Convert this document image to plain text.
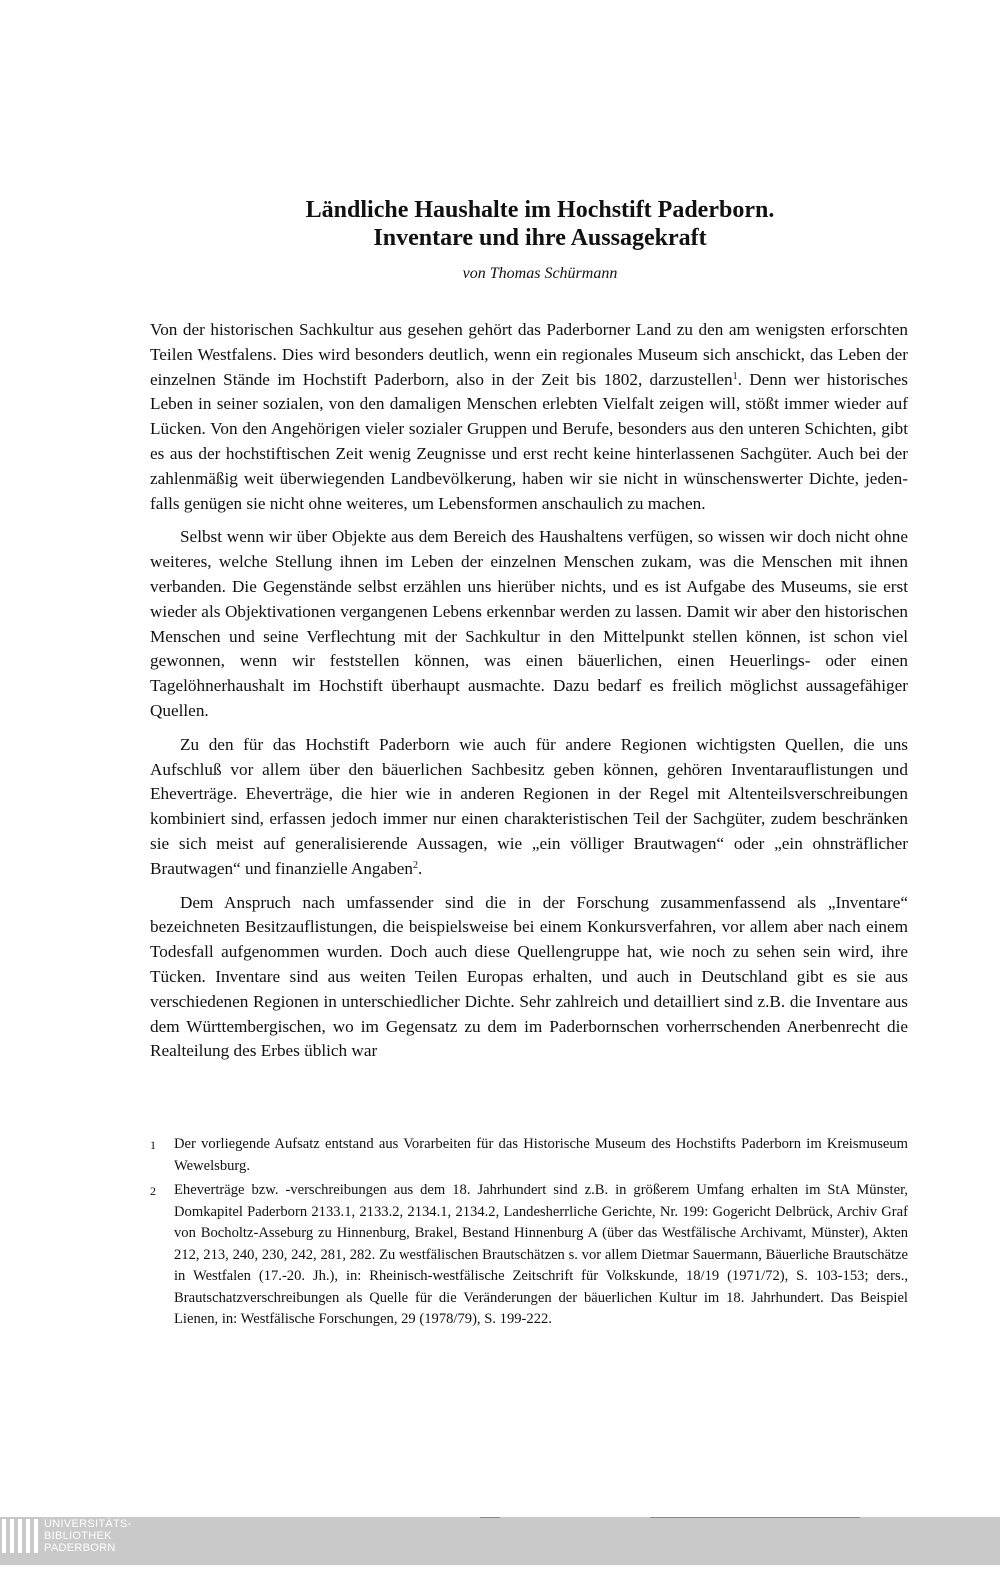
Ländliche Haushalte im Hochstift Paderborn.
Inventare und ihre Aussagekraft

von Thomas Schürmann

Von der historischen Sachkultur aus gesehen gehört das Paderborner Land zu den am wenigsten erforschten Teilen Westfalens. Dies wird besonders deutlich, wenn ein regionales Museum sich anschickt, das Leben der einzelnen Stände im Hochstift Paderborn, also in der Zeit bis 1802, darzustellen$^1$. Denn wer historisches Leben in seiner sozialen, von den damaligen Menschen erlebten Vielfalt zeigen will, stößt immer wieder auf Lücken. Von den Angehörigen vieler sozialer Gruppen und Berufe, besonders aus den unteren Schichten, gibt es aus der hochstiftischen Zeit wenig Zeugnisse und erst recht keine hinterlassenen Sachgüter. Auch bei der zahlenmäßig weit überwiegenden Landbevölkerung, haben wir sie nicht in wünschenswerter Dichte, jedenfalls genügen sie nicht ohne weiteres, um Lebensformen anschaulich zu machen.

Selbst wenn wir über Objekte aus dem Bereich des Haushaltens verfügen, so wissen wir doch nicht ohne weiteres, welche Stellung ihnen im Leben der einzelnen Menschen zukam, was die Menschen mit ihnen verbanden. Die Gegenstände selbst erzählen uns hierüber nichts, und es ist Aufgabe des Museums, sie erst wieder als Objektivationen vergangenen Lebens erkennbar werden zu lassen. Damit wir aber den historischen Menschen und seine Verflechtung mit der Sachkultur in den Mittelpunkt stellen können, ist schon viel gewonnen, wenn wir feststellen können, was einen bäuerlichen, einen Heuerlings- oder einen Tagelöhnerhaushalt im Hochstift überhaupt ausmachte. Dazu bedarf es freilich möglichst aussagefähiger Quellen.

Zu den für das Hochstift Paderborn wie auch für andere Regionen wichtigsten Quellen, die uns Aufschluß vor allem über den bäuerlichen Sachbesitz geben können, gehören Inventarauflistungen und Eheverträge. Eheverträge, die hier wie in anderen Regionen in der Regel mit Altenteilsverschreibungen kombiniert sind, erfassen jedoch immer nur einen charakteristischen Teil der Sachgüter, zudem beschränken sie sich meist auf generalisierende Aussagen, wie „ein völliger Brautwagen“ oder „ein ohnsträflicher Brautwagen“ und finanzielle Angaben$^2$.

Dem Anspruch nach umfassender sind die in der Forschung zusammenfassend als „Inventare“ bezeichneten Besitzauflistungen, die beispielsweise bei einem Konkursverfahren, vor allem aber nach einem Todesfall aufgenommen wurden. Doch auch diese Quellengruppe hat, wie noch zu sehen sein wird, ihre Tücken. Inventare sind aus weiten Teilen Europas erhalten, und auch in Deutschland gibt es sie aus verschiedenen Regionen in unterschiedlicher Dichte. Sehr zahlreich und detailliert sind z.B. die Inventare aus dem Württembergischen, wo im Gegensatz zu dem im Paderbornschen vorherrschenden Anerbenrecht die Realteilung des Erbes üblich war

1	Der vorliegende Aufsatz entstand aus Vorarbeiten für das Historische Museum des Hochstifts Paderborn im Kreismuseum Wewelsburg.
2	Eheverträge bzw. -verschreibungen aus dem 18. Jahrhundert sind z.B. in größerem Umfang erhalten im StA Münster, Domkapitel Paderborn 2133.1, 2133.2, 2134.1, 2134.2, Landesherrliche Gerichte, Nr. 199: Gogericht Delbrück, Archiv Graf von Bocholtz-Asseburg zu Hinnenburg, Brakel, Bestand Hinnenburg A (über das Westfälische Archivamt, Münster), Akten 212, 213, 240, 230, 242, 281, 282. Zu westfälischen Brautschätzen s. vor allem Dietmar Sauermann, Bäuerliche Brautschätze in Westfalen (17.-20. Jh.), in: Rheinisch-westfälische Zeitschrift für Volkskunde, 18/19 (1971/72), S. 103-153; ders., Brautschatzverschreibungen als Quelle für die Veränderungen der bäuerlichen Kultur im 18. Jahrhundert. Das Beispiel Lienen, in: Westfälische Forschungen, 29 (1978/79), S. 199-222.
UNIVERSITÄTS-
BIBLIOTHEK
PADERBORN
